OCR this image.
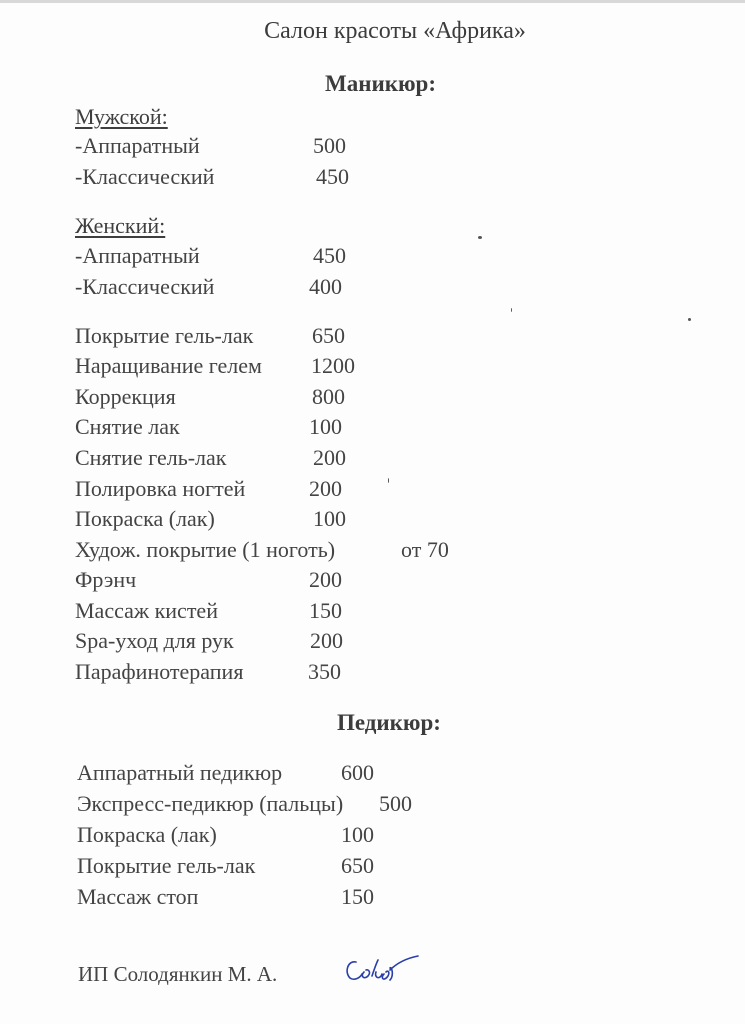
Салон красоты «Африка»
Маникюр:
Мужской:
-Аппаратный	500
-Классический	450
Женский:
-Аппаратный	450
-Классический	400
Покрытие гель-лак	650
Наращивание гелем 1200
Коррекция	800
Снятие лак	100
Снятие гель-лак	200
Полировка ногтей	200
Покраска (лак)	100
Худож. покрытие (1 ноготь)	от 70
Фрэнч	200
Массаж кистей	150
Spa-уход для рук	200
Парафинотерапия	350
Педикюр:
Аппаратный педикюр	600
Экспресс-педикюр (пальцы) 500
Покраска (лак)	100
Покрытие гель-лак	650
Массаж стоп	150
ИП Солодянкин М. А.
